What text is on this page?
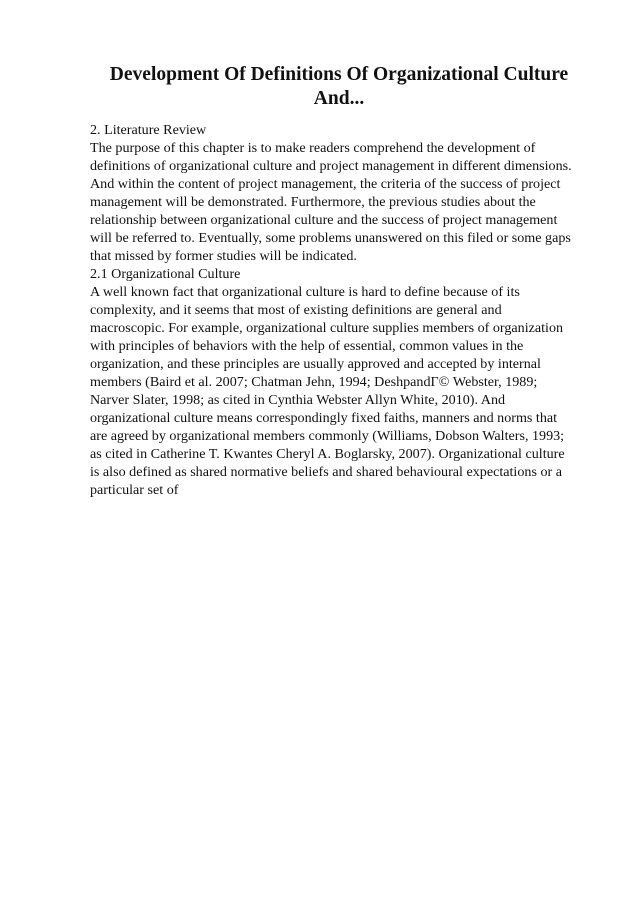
Development Of Definitions Of Organizational Culture
And...

2. Literature Review

The purpose of this chapter is to make readers comprehend the development of
definitions of organizational culture and project management in different dimensions.
And within the content of project management, the criteria of the success of project
management will be demonstrated. Furthermore, the previous studies about the
relationship between organizational culture and the success of project management
will be referred to. Eventually, some problems unanswered on this filed or some gaps
that missed by former studies will be indicated.

2.1 Organizational Culture

A well known fact that organizational culture is hard to define because of its
complexity, and it seems that most of existing definitions are general and
macroscopic. For example, organizational culture supplies members of organization
with principles of behaviors with the help of essential, common values in the
organization, and these principles are usually approved and accepted by internal
members (Baird et al. 2007; Chatman Jehn, 1994; DeshpandГ© Webster, 1989;
Narver Slater, 1998; as cited in Cynthia Webster Allyn White, 2010). And
organizational culture means correspondingly fixed faiths, manners and norms that
are agreed by organizational members commonly (Williams, Dobson Walters, 1993;
as cited in Catherine T. Kwantes Cheryl A. Boglarsky, 2007). Organizational culture
is also defined as shared normative beliefs and shared behavioural expectations or a
particular set of
